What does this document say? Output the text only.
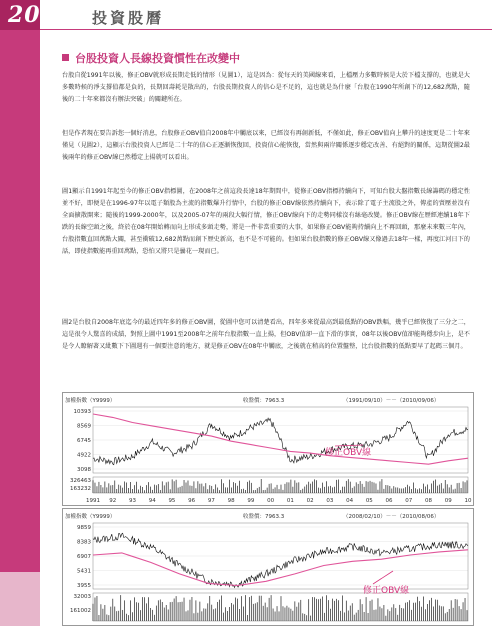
2011 投資股曆
台股投資人長線投資慣性在改變中
台股自從1991年以後，修正OBV就形成長期走低的情形（見圖1），這是因為：從每天的美國線來看，上檔壓力多數時候是大於下檔支撐的，也就是大多數時候的淨支撐值都是負的，長期回壽耗是散出的，台股長期投資人的信心是不足的，這也就是為什麼「台股在1990年所創下的12,682萬點，隨後的二十年來都沒有辦法突破」的關鍵所在。
但是作者現在要告訴您一個好消息，台股修正OBV值自2008年中觸底以來，已經沒有再創新低，不僅如此，修正OBV值向上攀升的速度更是二十年來僅見（見圖2），這顯示台股投資人已經是二十年的信心正逐漸恢復回，投資信心能恢復，當然與兩岸關係逐步穩定改善、有絕對的關係，這期從圖2最後兩年的修正OBV線已然穩定上揚就可以看出。
圖1顯示自1991年起至今的修正OBV指標圖，在2008年之前這段長達18年期間中，從修正OBV指標持續向下，可知台股大盤指數長線籌碼的穩定性並不好，即便是在1996-97年以電子類股為主流的指數爆升行情中，台股的修正OBV線依然持續向下，表示除了電子主流股之外，傳產的賣壓並沒有全面擴散開來；隨後的1999-2000年，以及2005-07年的兩段大幅行情，修正OBV線向下的走勢同樣沒有絲毫改變。修正OBV線在歷經連續18年下跌的長線空頭之後，終於在08年開始轉而向上形成多頭走勢，將是一件非當重要的大事，如果修正OBV能夠持續向上不再回頭，那麼未來數三年內，台股指數直回萬點大關，甚至衝破12,682萬點而創下歷史新高，也不是不可能的。但如果台股指數的修正OBV線又像過去18年一樣，再度江河日下的話，即使指數能再重回萬點，恐怕又將只是曇花一現而已。
圖2是台股自2008年底迄今的最近四年多的修正OBV圖，從圖中您可以清楚看出，四年多來從最高到最低點的OBV跌幅，幾乎已經恢復了三分之二，這是很令人驚喜的成績，對照上圖中1991至2008年之前年台股指數一直上揚，但OBV值卻一直下滑的事實，08年以後OBV值卻能夠穩步向上，是不是令人瞭解著又紕數下下圖週有一個要注意的地方，就是修正OBV在08年中觸底，之後就在稍高的位置盤整，比台股指數的低點要早了起碼三個月。
加權指數（Y9999）	收盤價：7963.3	（1991/09/10）－－（2010/09/06）
10393
8569
6745
4922
3098
326463
163232
修正OBV線
1991 92 93 94 95 96 97 98 99 00 01 02 03 04 05 06 07 08 09 10
加權指數（Y9999）	收盤價：7963.3	（2008/02/10）－－（2010/08/06）
9859
8383
6907
5431
3955
32003
161002
修正OBV線
修正
